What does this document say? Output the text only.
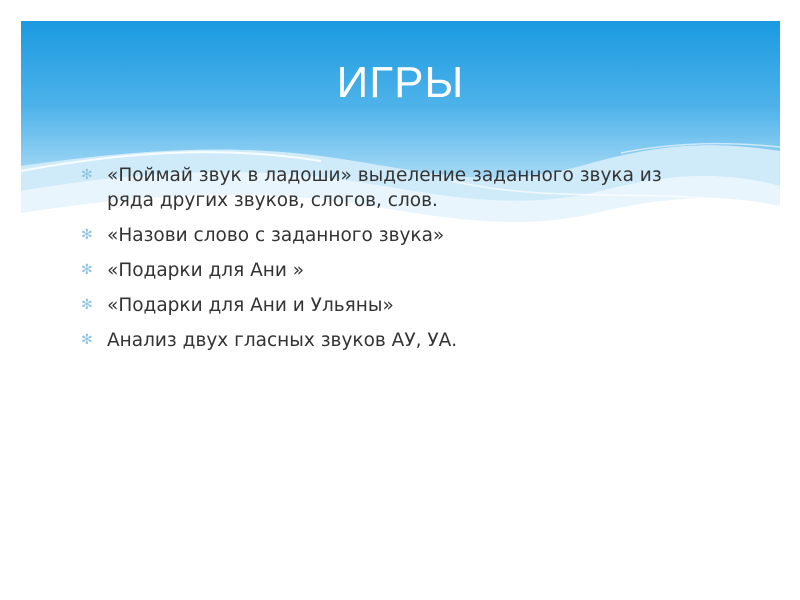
ИГРЫ
✻ «Поймай звук в ладоши» выделение заданного звука из ряда других звуков, слогов, слов.
✻ «Назови слово с заданного звука»
✻ «Подарки для Ани »
✻ «Подарки для Ани и Ульяны»
✻ Анализ двух гласных звуков АУ, УА.
